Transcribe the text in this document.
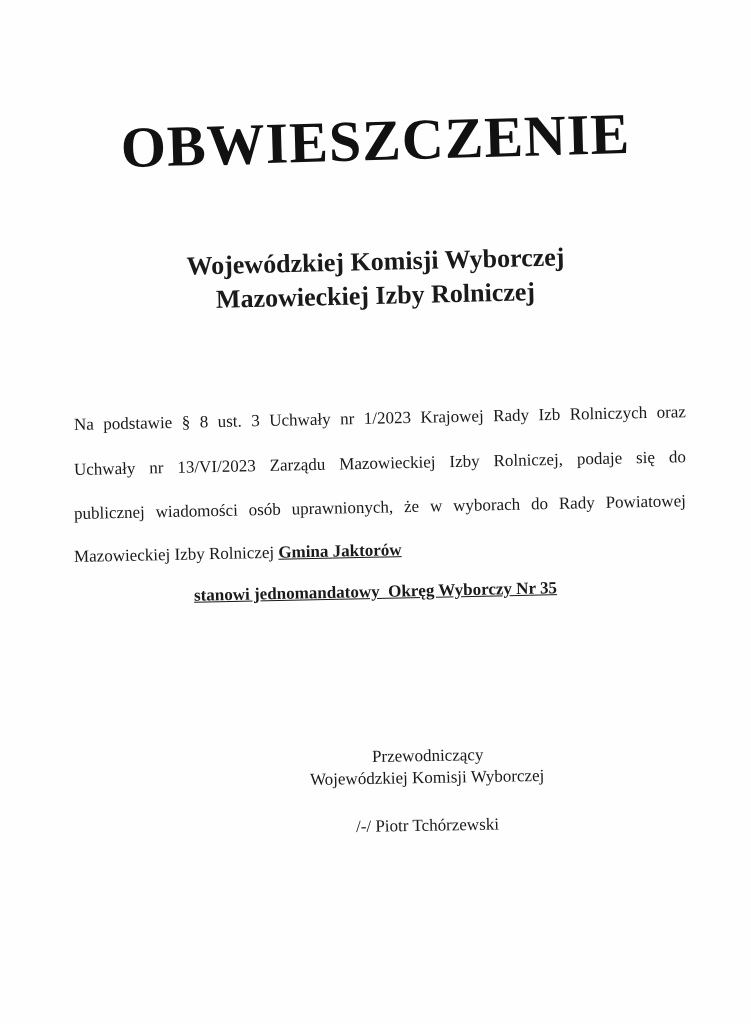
OBWIESZCZENIE
Wojewódzkiej Komisji Wyborczej
Mazowieckiej Izby Rolniczej
Na podstawie § 8 ust. 3 Uchwały nr 1/2023 Krajowej Rady Izb Rolniczych oraz
Uchwały nr 13/VI/2023 Zarządu Mazowieckiej Izby Rolniczej, podaje się do
publicznej wiadomości osób uprawnionych, że w wyborach do Rady Powiatowej
Mazowieckiej Izby Rolniczej Gmina Jaktorów
stanowi jednomandatowy  Okręg Wyborczy Nr 35
Przewodniczący
Wojewódzkiej Komisji Wyborczej
/-/ Piotr Tchórzewski
